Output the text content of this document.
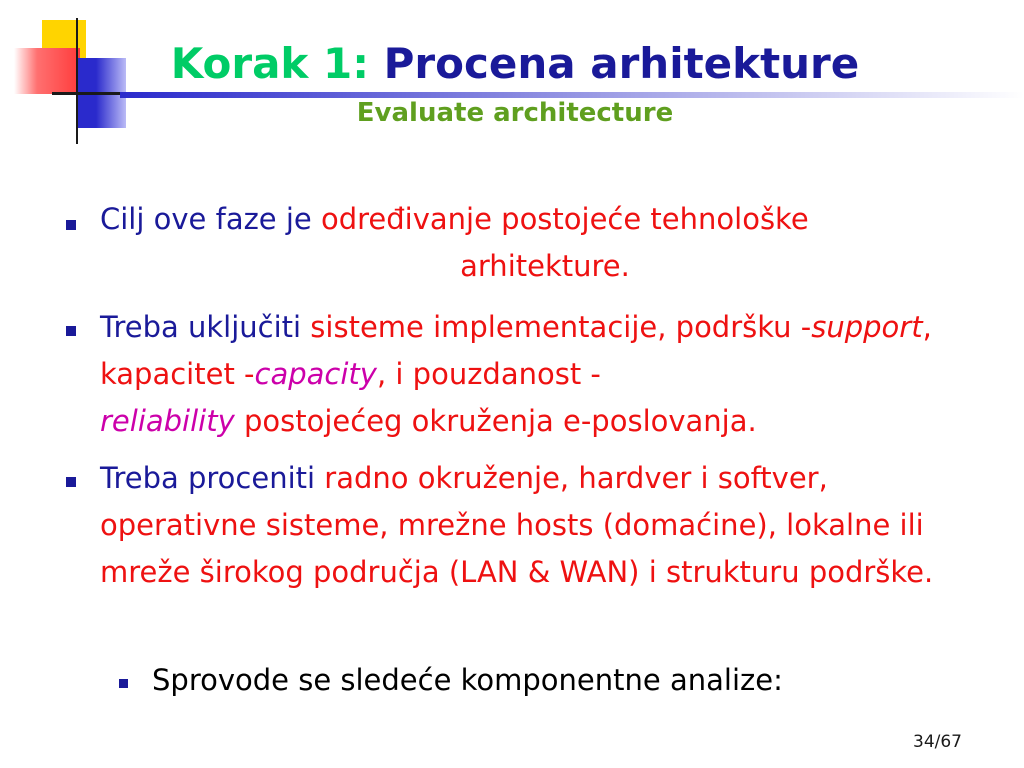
Korak 1: Procena arhitekture
Evaluate architecture
Cilj ove faze je određivanje postojeće tehnološke
arhitekture.
Treba uključiti sisteme implementacije, podršku -support, kapacitet -capacity, i pouzdanost -
reliability postojećeg okruženja e-poslovanja.
Treba proceniti radno okruženje, hardver i softver, operativne sisteme, mrežne hosts (domaćine), lokalne ili mreže širokog područja (LAN & WAN) i strukturu podrške.
Sprovode se sledeće komponentne analize:
34/67
